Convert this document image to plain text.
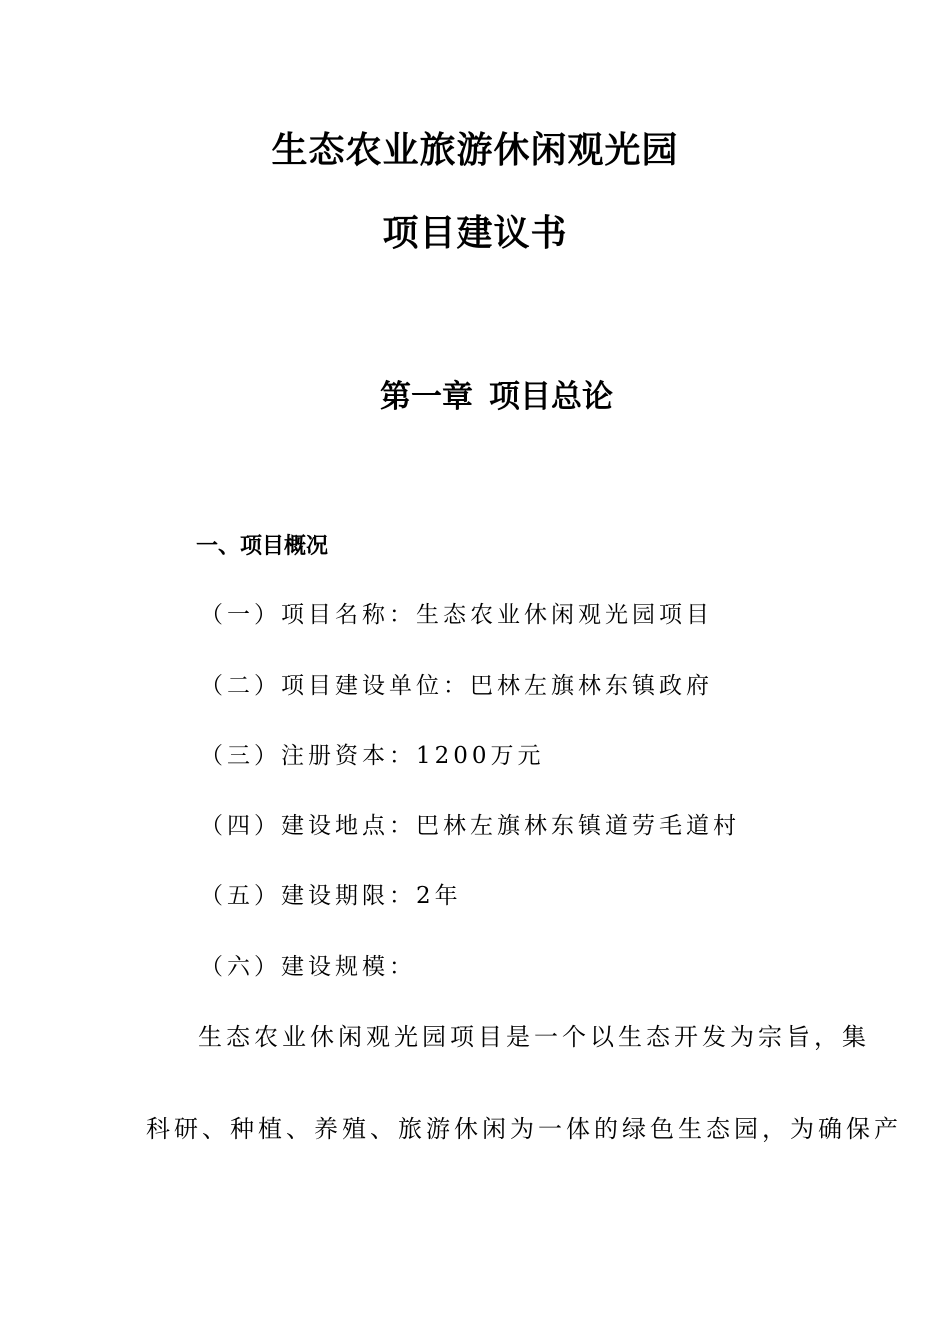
生态农业旅游休闲观光园
项目建议书
第一章 项目总论
一、项目概况
（一）项目名称：生态农业休闲观光园项目
（二）项目建设单位：巴林左旗林东镇政府
（三）注册资本：1200万元
（四）建设地点：巴林左旗林东镇道劳毛道村
（五）建设期限：2年
（六）建设规模：
生态农业休闲观光园项目是一个以生态开发为宗旨，集
科研、种植、养殖、旅游休闲为一体的绿色生态园，为确保产
